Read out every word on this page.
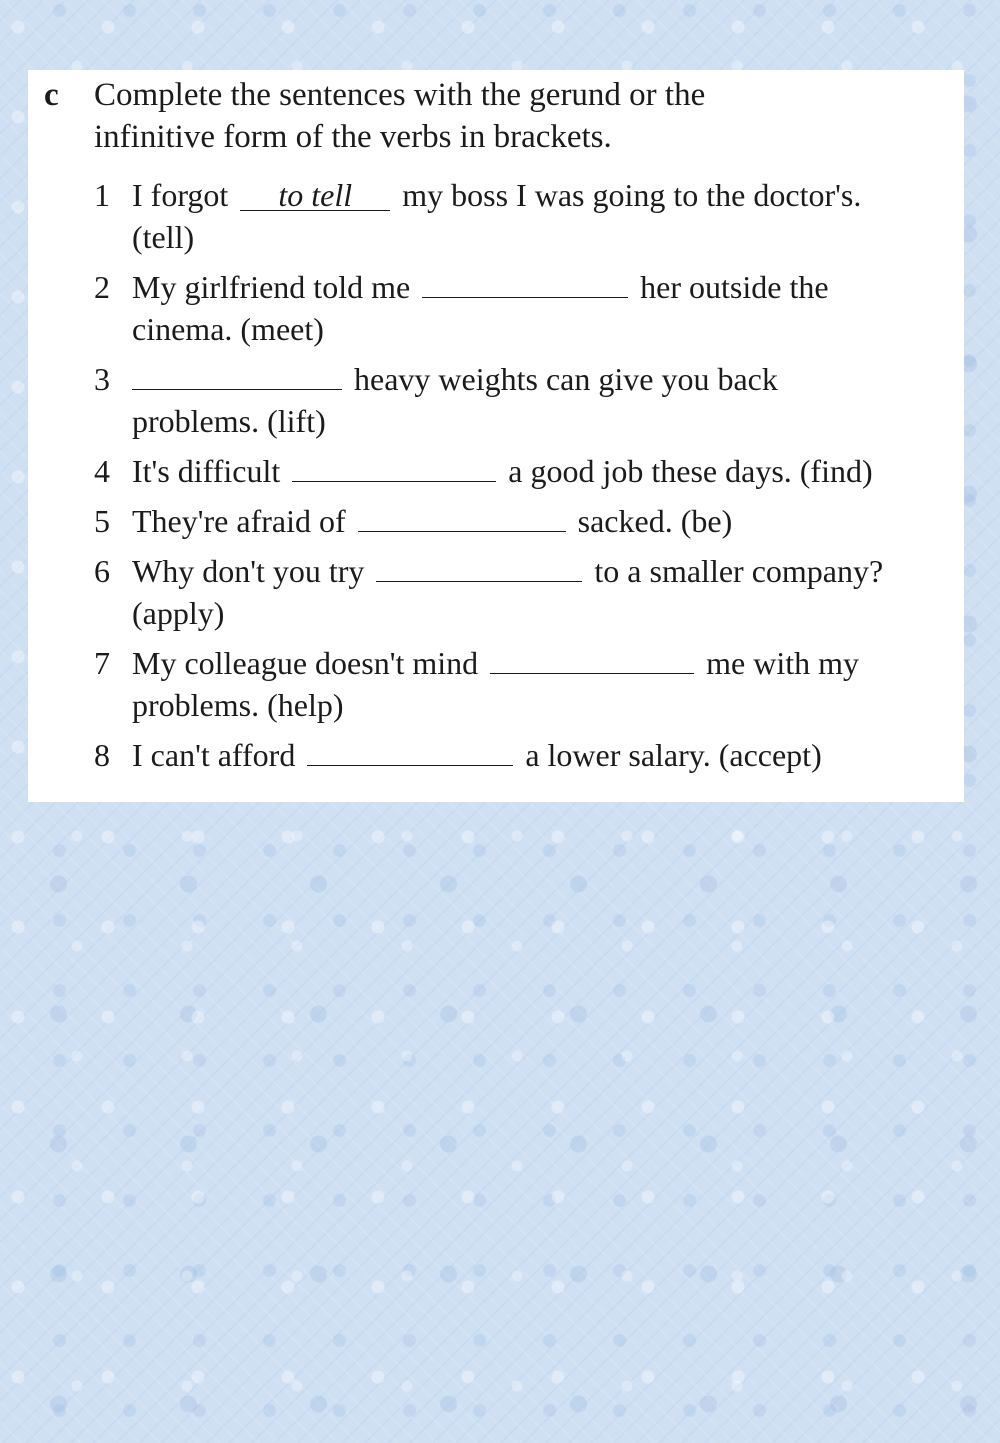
c Complete the sentences with the gerund or the
infinitive form of the verbs in brackets.
1 I forgot to tell my boss I was going to the doctor's.
(tell)
2 My girlfriend told me	her outside the
cinema. (meet)
3	heavy weights can give you back
problems. (lift)
4 It's difficult	a good job these days. (find)
5 They're afraid of	sacked. (be)
6 Why don't you try	to a smaller company?
(apply)
7 My colleague doesn't mind	me with my
problems. (help)
8 I can't afford	a lower salary. (accept)
